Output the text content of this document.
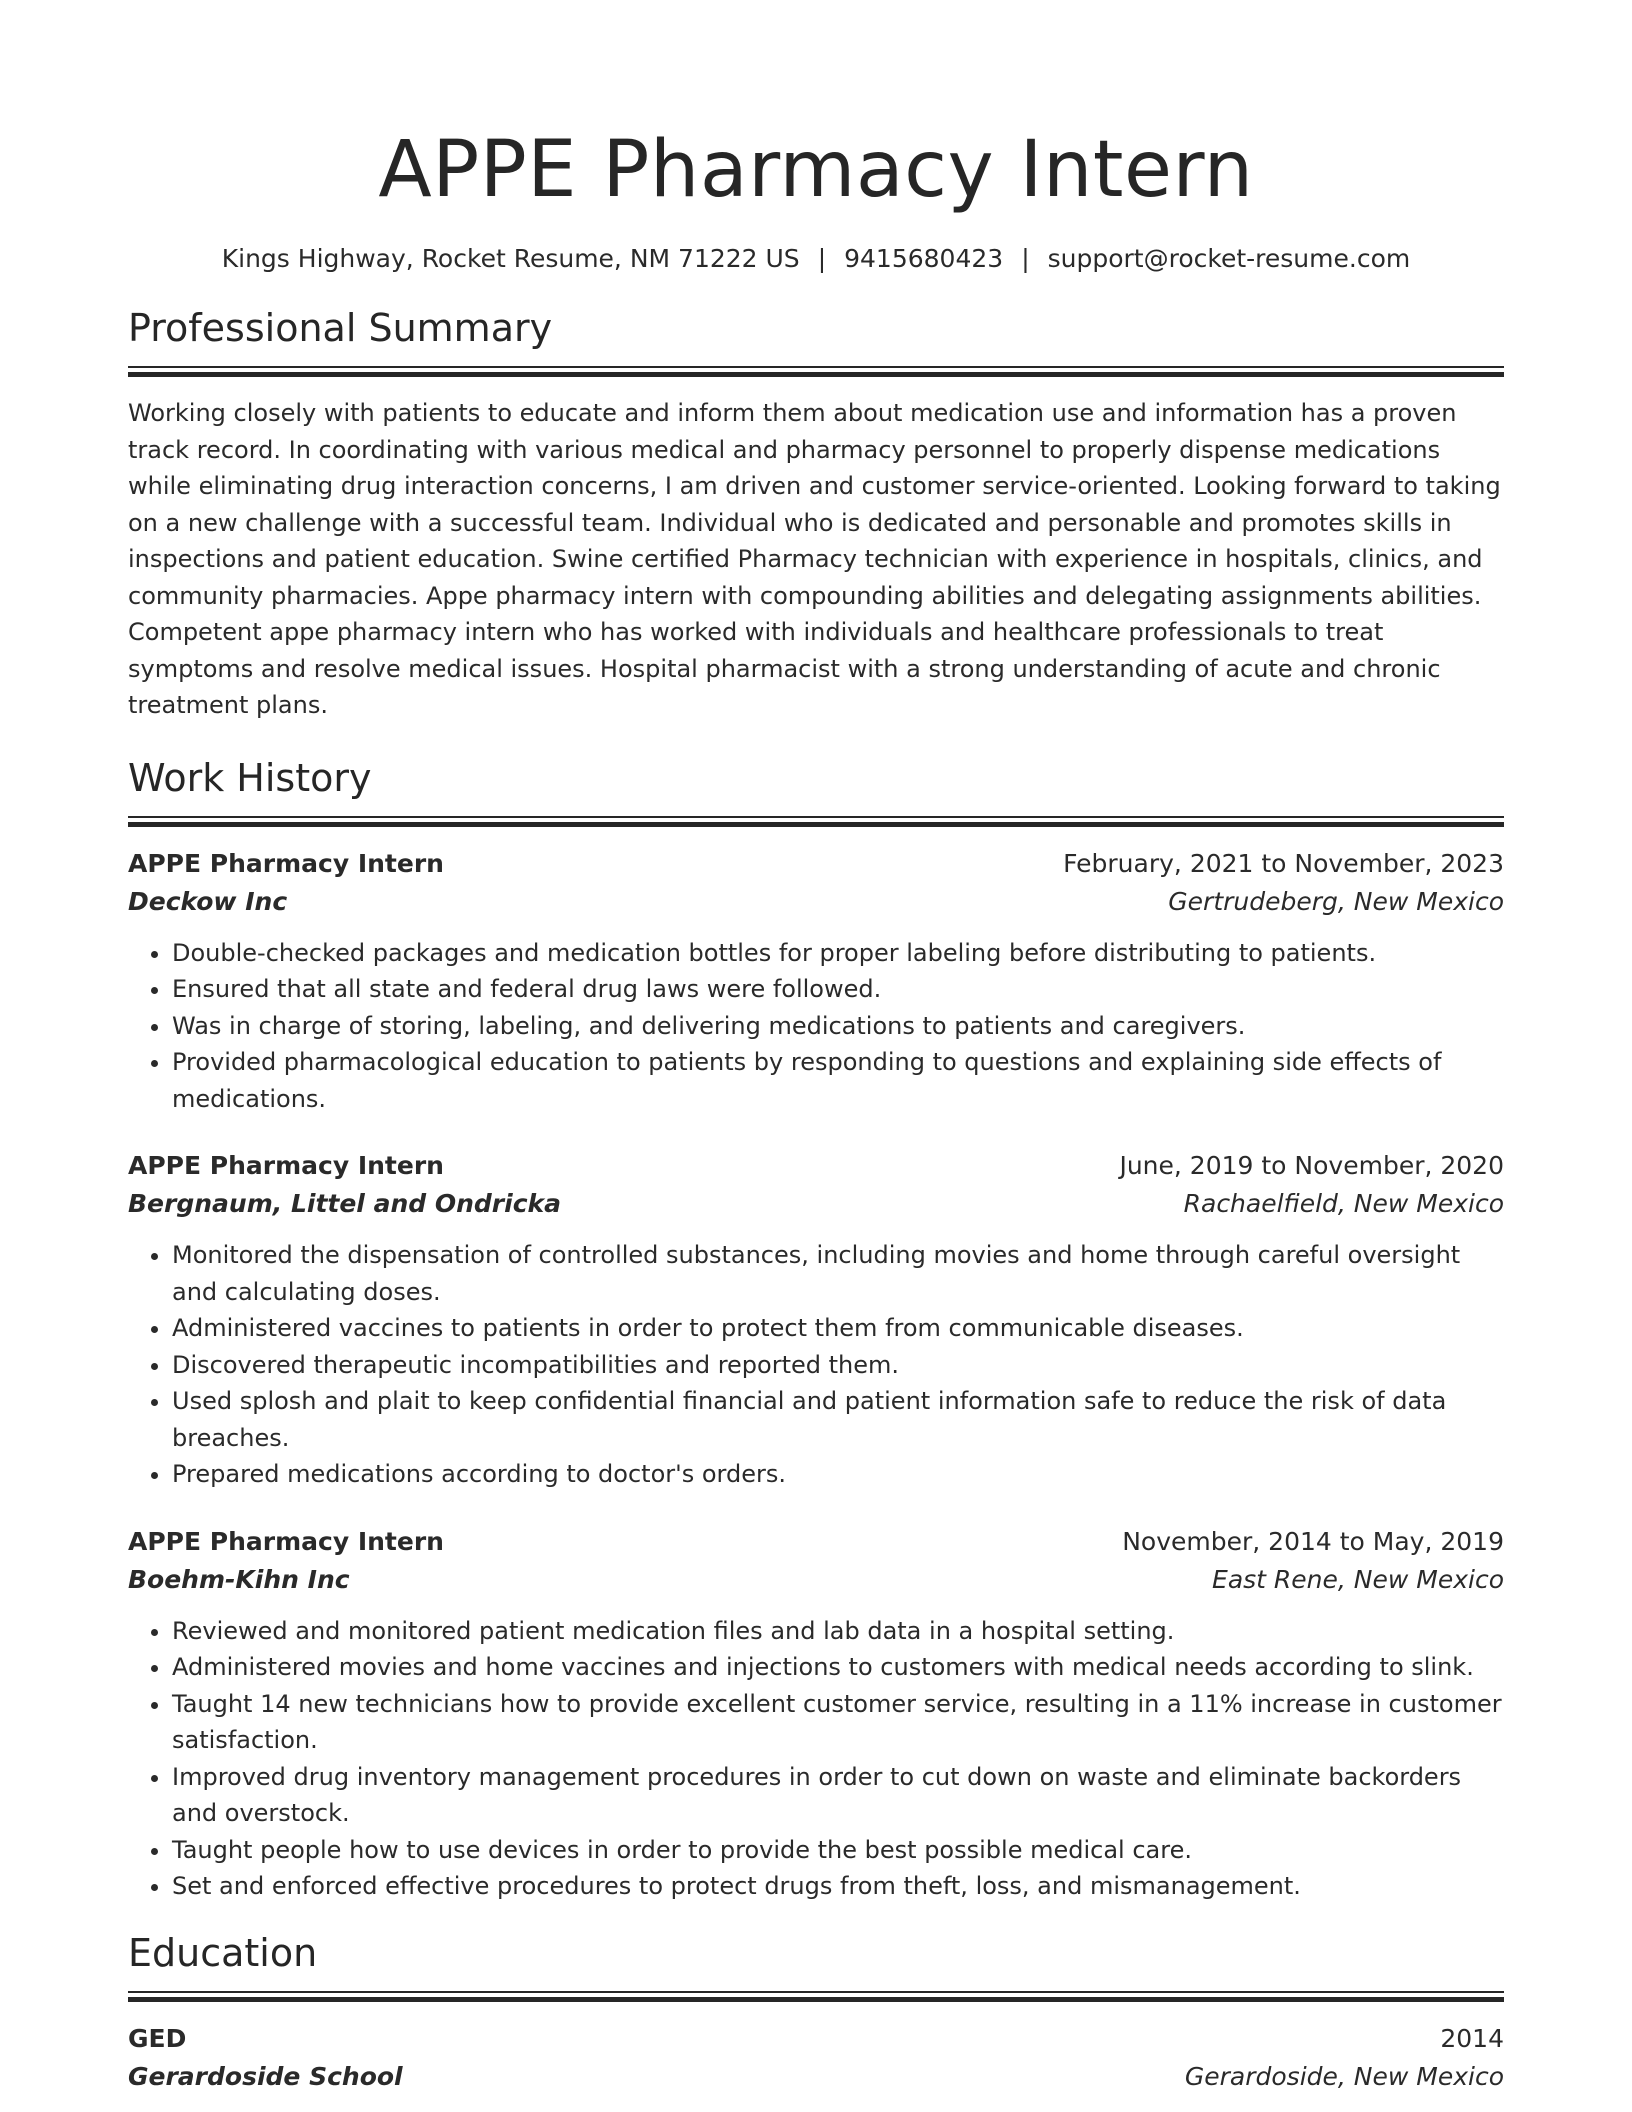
APPE Pharmacy Intern
Kings Highway, Rocket Resume, NM 71222 US | 9415680423 | support@rocket-resume.com
Professional Summary

Working closely with patients to educate and inform them about medication use and information has a proven track record. In coordinating with various medical and pharmacy personnel to properly dispense medications while eliminating drug interaction concerns, I am driven and customer service-oriented. Looking forward to taking on a new challenge with a successful team. Individual who is dedicated and personable and promotes skills in inspections and patient education. Swine certified Pharmacy technician with experience in hospitals, clinics, and community pharmacies. Appe pharmacy intern with compounding abilities and delegating assignments abilities. Competent appe pharmacy intern who has worked with individuals and healthcare professionals to treat symptoms and resolve medical issues. Hospital pharmacist with a strong understanding of acute and chronic treatment plans.

Work History
APPE Pharmacy Intern	February, 2021 to November, 2023
Deckow Inc	Gertrudeberg, New Mexico
• Double-checked packages and medication bottles for proper labeling before distributing to patients.
• Ensured that all state and federal drug laws were followed.
• Was in charge of storing, labeling, and delivering medications to patients and caregivers.
• Provided pharmacological education to patients by responding to questions and explaining side effects of medications.
APPE Pharmacy Intern	June, 2019 to November, 2020
Bergnaum, Littel and Ondricka	Rachaelfield, New Mexico
• Monitored the dispensation of controlled substances, including movies and home through careful oversight and calculating doses.
• Administered vaccines to patients in order to protect them from communicable diseases.
• Discovered therapeutic incompatibilities and reported them.
• Used splosh and plait to keep confidential financial and patient information safe to reduce the risk of data breaches.
• Prepared medications according to doctor's orders.
APPE Pharmacy Intern	November, 2014 to May, 2019
Boehm-Kihn Inc	East Rene, New Mexico
• Reviewed and monitored patient medication files and lab data in a hospital setting.
• Administered movies and home vaccines and injections to customers with medical needs according to slink.
• Taught 14 new technicians how to provide excellent customer service, resulting in a 11% increase in customer satisfaction.
• Improved drug inventory management procedures in order to cut down on waste and eliminate backorders and overstock.
• Taught people how to use devices in order to provide the best possible medical care.
• Set and enforced effective procedures to protect drugs from theft, loss, and mismanagement.
Education
GED	2014
Gerardoside School	Gerardoside, New Mexico
